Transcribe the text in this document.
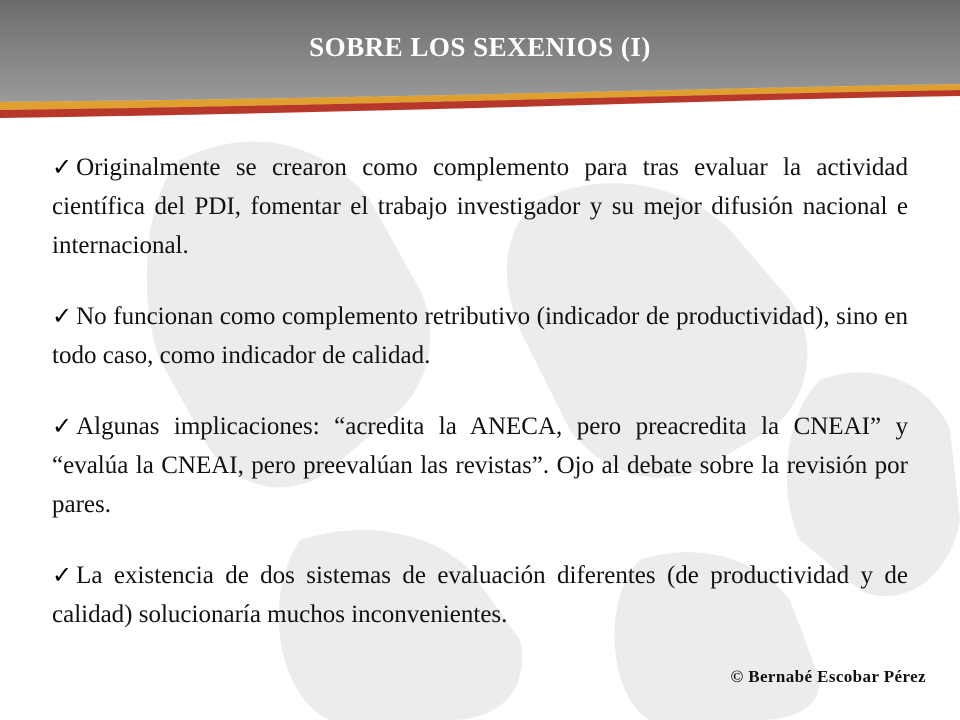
SOBRE LOS SEXENIOS (I)

✓ Originalmente se crearon como complemento para tras evaluar la actividad científica del PDI, fomentar el trabajo investigador y su mejor difusión nacional e internacional.

✓ No funcionan como complemento retributivo (indicador de productividad), sino en todo caso, como indicador de calidad.

✓ Algunas implicaciones: “acredita la ANECA, pero preacredita la CNEAI” y “evalúa la CNEAI, pero preevalúan las revistas”. Ojo al debate sobre la revisión por pares.

✓ La existencia de dos sistemas de evaluación diferentes (de productividad y de calidad) solucionaría muchos inconvenientes.

© Bernabé Escobar Pérez
